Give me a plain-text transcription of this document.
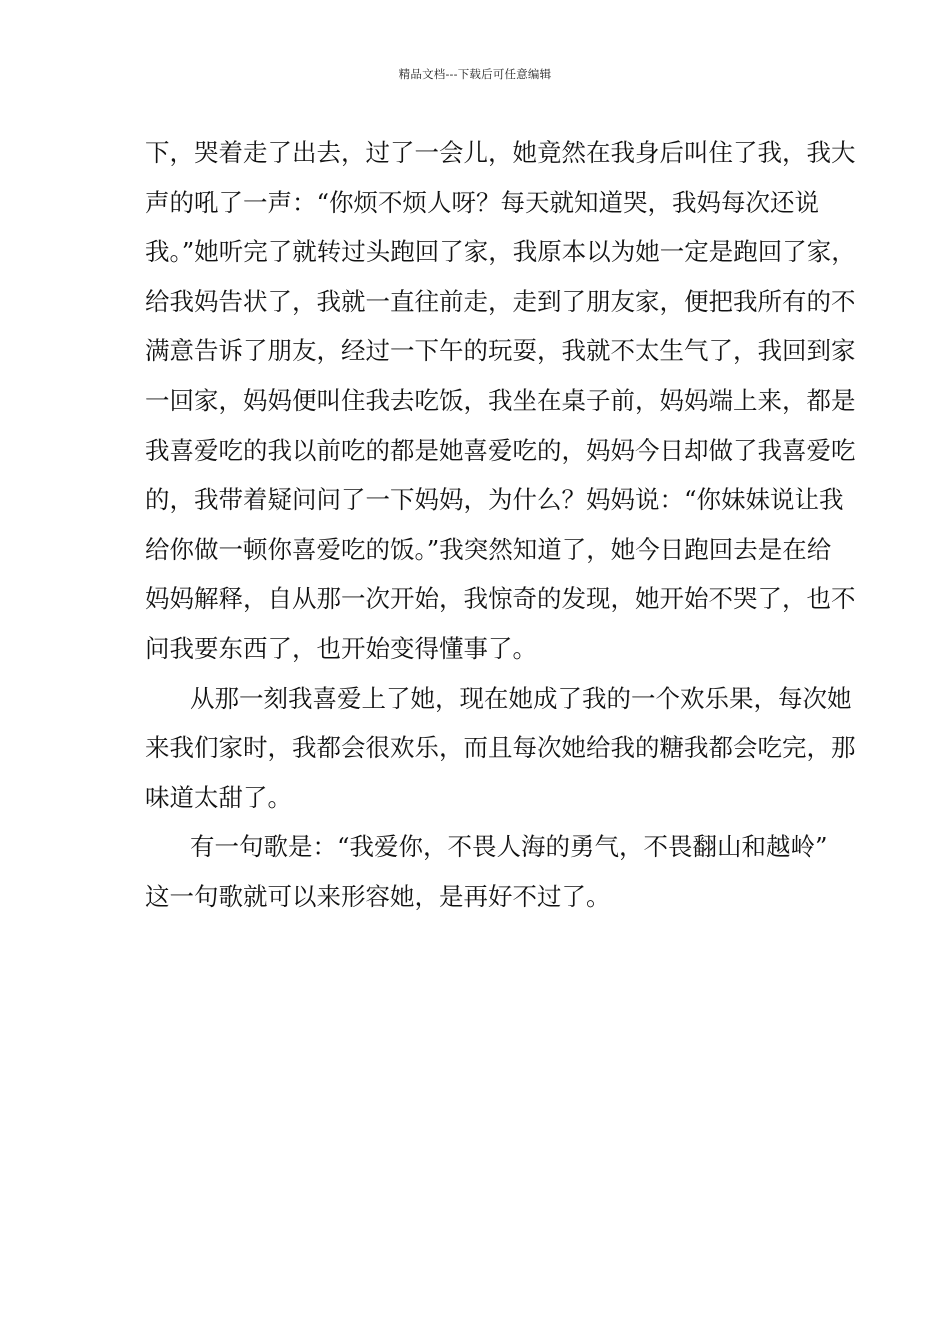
精品文档---下载后可任意编辑
下，哭着走了出去，过了一会儿，她竟然在我身后叫住了我，我大
声的吼了一声：“你烦不烦人呀？每天就知道哭，我妈每次还说
我。”她听完了就转过头跑回了家，我原本以为她一定是跑回了家，
给我妈告状了，我就一直往前走，走到了朋友家，便把我所有的不
满意告诉了朋友，经过一下午的玩耍，我就不太生气了，我回到家
一回家，妈妈便叫住我去吃饭，我坐在桌子前，妈妈端上来，都是
我喜爱吃的我以前吃的都是她喜爱吃的，妈妈今日却做了我喜爱吃
的，我带着疑问问了一下妈妈，为什么？妈妈说：“你妹妹说让我
给你做一顿你喜爱吃的饭。”我突然知道了，她今日跑回去是在给
妈妈解释，自从那一次开始，我惊奇的发现，她开始不哭了，也不
问我要东西了，也开始变得懂事了。
从那一刻我喜爱上了她，现在她成了我的一个欢乐果，每次她
来我们家时，我都会很欢乐，而且每次她给我的糖我都会吃完，那
味道太甜了。
有一句歌是：“我爱你，不畏人海的勇气，不畏翻山和越岭”
这一句歌就可以来形容她，是再好不过了。
